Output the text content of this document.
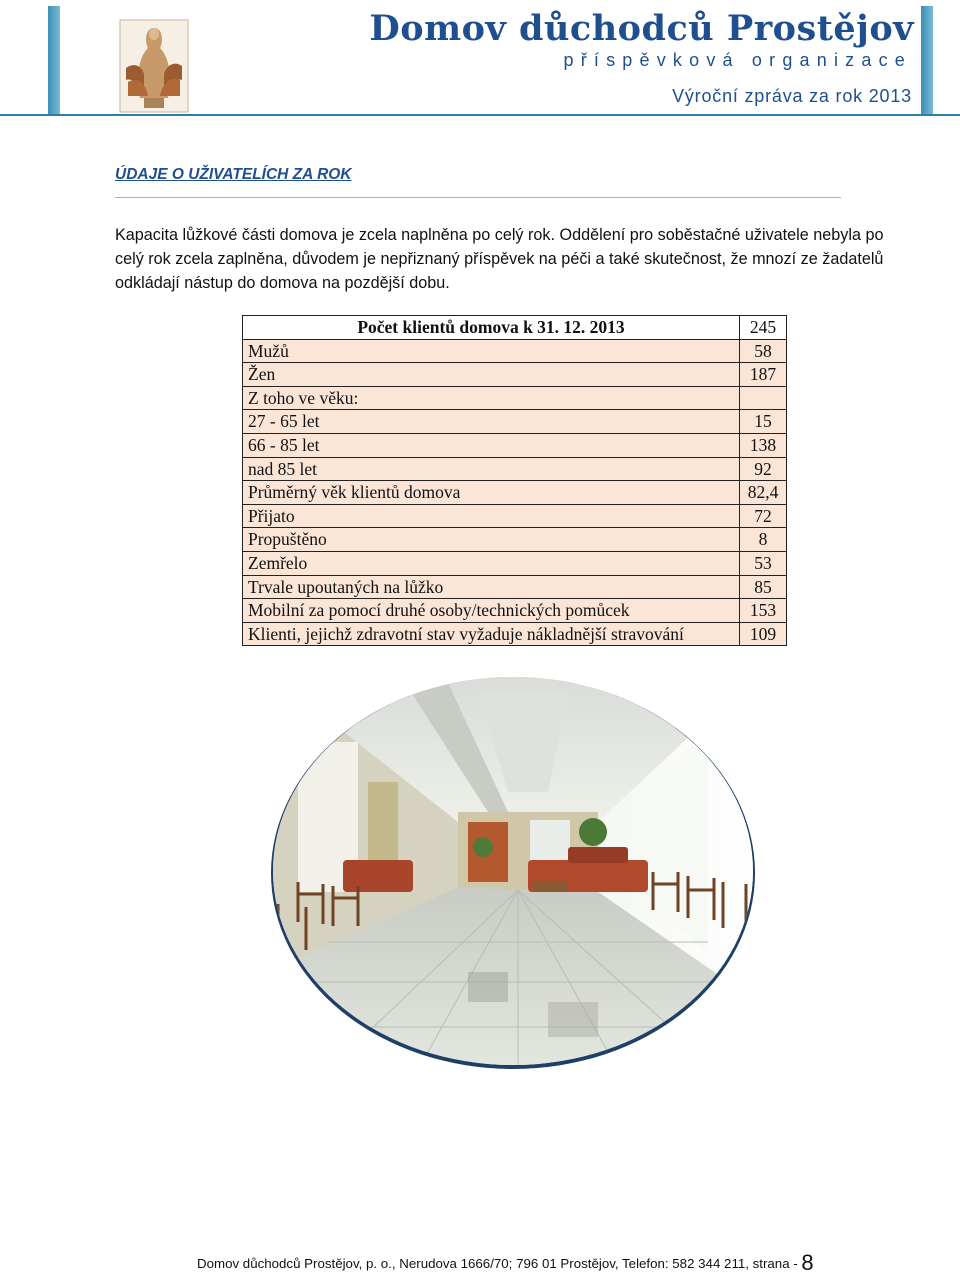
Domov důchodců Prostějov
příspěvková organizace
Výroční zpráva za rok 2013
ÚDAJE O UŽIVATELÍCH ZA ROK
Kapacita lůžkové části domova je zcela naplněna po celý rok. Oddělení pro soběstačné uživatele nebyla po celý rok zcela zaplněna, důvodem je nepřiznaný příspěvek na péči a také skutečnost, že mnozí ze žadatelů odkládají nástup do domova na pozdější dobu.
Počet klientů domova k 31. 12. 2013	245
Mužů	58
Žen	187
Z toho ve věku:	
27 - 65 let	15
66 - 85 let	138
nad 85 let	92
Průměrný věk klientů domova	82,4
Přijato	72
Propuštěno	8
Zemřelo	53
Trvale upoutaných na lůžko	85
Mobilní za pomocí druhé osoby/technických pomůcek	153
Klienti, jejichž zdravotní stav vyžaduje nákladnější stravování	109
Domov důchodců Prostějov, p. o., Nerudova 1666/70; 796 01 Prostějov, Telefon: 582 344 211, strana - 8
